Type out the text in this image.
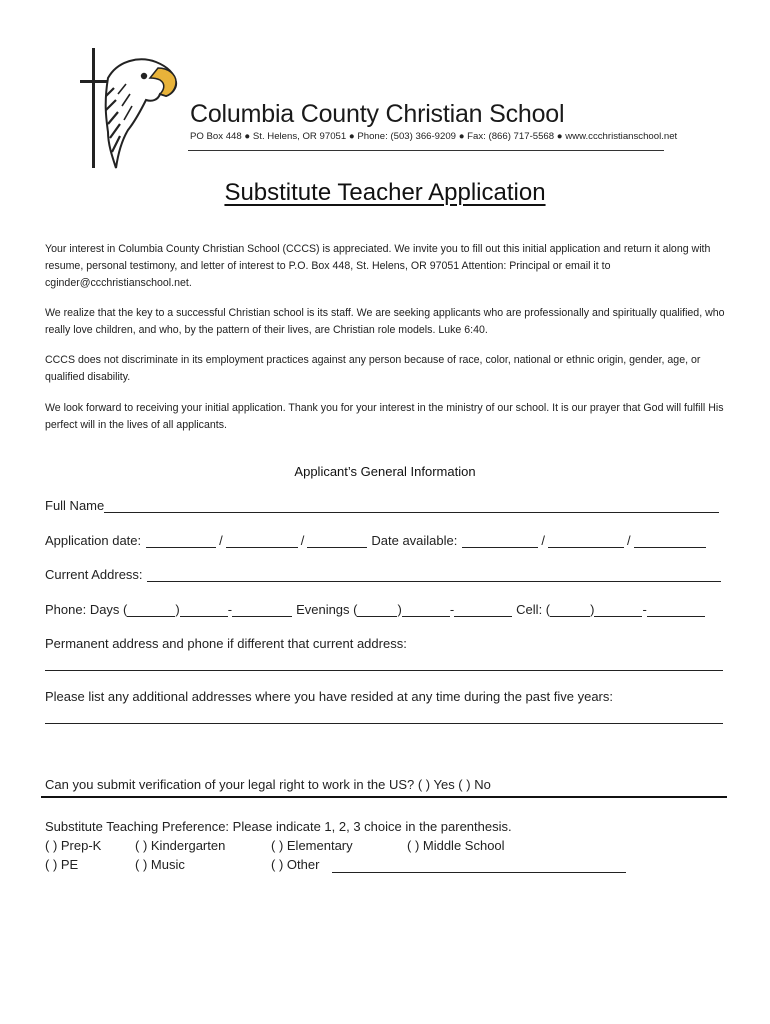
Columbia County Christian School
PO Box 448 ● St. Helens, OR 97051 ● Phone: (503) 366-9209 ● Fax: (866) 717-5568 ● www.ccchristianschool.net
Substitute Teacher Application
Your interest in Columbia County Christian School (CCCS) is appreciated. We invite you to fill out this initial application and return it along with resume, personal testimony, and letter of interest to P.O. Box 448, St. Helens, OR 97051 Attention: Principal or email it to cginder@ccchristianschool.net.
We realize that the key to a successful Christian school is its staff. We are seeking applicants who are professionally and spiritually qualified, who really love children, and who, by the pattern of their lives, are Christian role models. Luke 6:40.
CCCS does not discriminate in its employment practices against any person because of race, color, national or ethnic origin, gender, age, or qualified disability.
We look forward to receiving your initial application. Thank you for your interest in the ministry of our school. It is our prayer that God will fulfill His perfect will in the lives of all applicants.
Applicant’s General Information
Full Name
Application date:	/	/	Date available:	/	/
Current Address:
Phone: Days (	)	-	Evenings (	)	-	Cell: (	)	-
Permanent address and phone if different that current address:
Please list any additional addresses where you have resided at any time during the past five years:
Can you submit verification of your legal right to work in the US? ( ) Yes ( ) No
Substitute Teaching Preference: Please indicate 1, 2, 3 choice in the parenthesis.
( ) Prep-K	( ) Kindergarten	( ) Elementary	( ) Middle School
( ) PE	( ) Music	( ) Other
